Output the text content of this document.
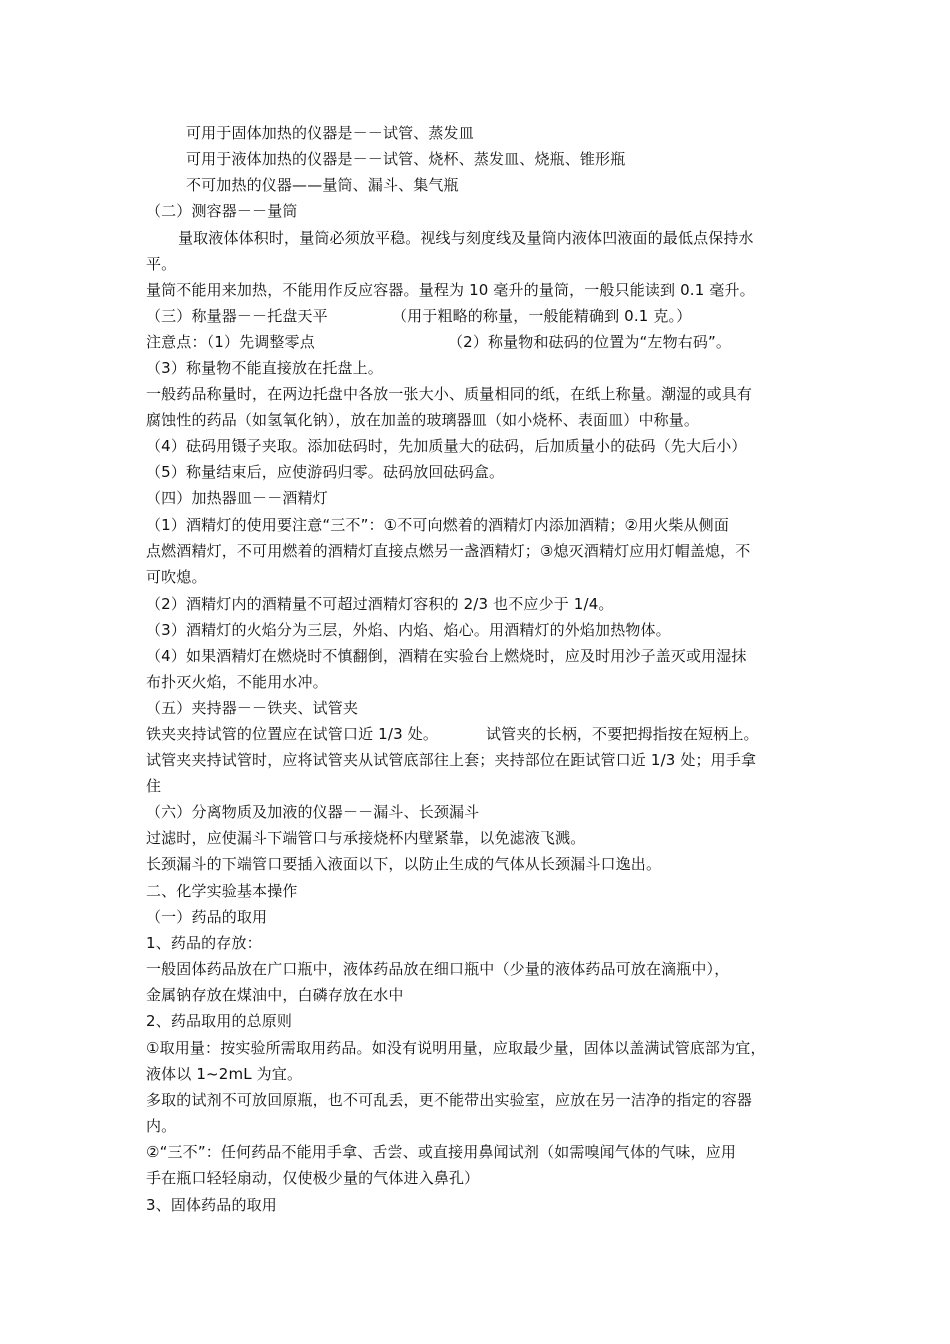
可用于固体加热的仪器是－－试管、蒸发皿
可用于液体加热的仪器是－－试管、烧杯、蒸发皿、烧瓶、锥形瓶
不可加热的仪器——量筒、漏斗、集气瓶
（二）测容器－－量筒
量取液体体积时，量筒必须放平稳。视线与刻度线及量筒内液体凹液面的最低点保持水
平。
量筒不能用来加热，不能用作反应容器。量程为 10 毫升的量筒，一般只能读到 0.1 毫升。
（三）称量器－－托盘天平	（用于粗略的称量，一般能精确到 0.1 克。）
注意点：（1）先调整零点	（2）称量物和砝码的位置为“左物右码”。
（3）称量物不能直接放在托盘上。
一般药品称量时，在两边托盘中各放一张大小、质量相同的纸，在纸上称量。潮湿的或具有
腐蚀性的药品（如氢氧化钠），放在加盖的玻璃器皿（如小烧杯、表面皿）中称量。
（4）砝码用镊子夹取。添加砝码时，先加质量大的砝码，后加质量小的砝码（先大后小）
（5）称量结束后，应使游码归零。砝码放回砝码盒。
（四）加热器皿－－酒精灯
（1）酒精灯的使用要注意“三不”：①不可向燃着的酒精灯内添加酒精；②用火柴从侧面
点燃酒精灯，不可用燃着的酒精灯直接点燃另一盏酒精灯；③熄灭酒精灯应用灯帽盖熄，不
可吹熄。
（2）酒精灯内的酒精量不可超过酒精灯容积的 2/3 也不应少于 1/4。
（3）酒精灯的火焰分为三层，外焰、内焰、焰心。用酒精灯的外焰加热物体。
（4）如果酒精灯在燃烧时不慎翻倒，酒精在实验台上燃烧时，应及时用沙子盖灭或用湿抹
布扑灭火焰，不能用水冲。
（五）夹持器－－铁夹、试管夹
铁夹夹持试管的位置应在试管口近 1/3 处。	试管夹的长柄，不要把拇指按在短柄上。
试管夹夹持试管时，应将试管夹从试管底部往上套；夹持部位在距试管口近 1/3 处；用手拿
住
（六）分离物质及加液的仪器－－漏斗、长颈漏斗
过滤时，应使漏斗下端管口与承接烧杯内壁紧靠，以免滤液飞溅。
长颈漏斗的下端管口要插入液面以下，以防止生成的气体从长颈漏斗口逸出。
二、化学实验基本操作
（一）药品的取用
1、药品的存放：
一般固体药品放在广口瓶中，液体药品放在细口瓶中（少量的液体药品可放在滴瓶中），
金属钠存放在煤油中，白磷存放在水中
2、药品取用的总原则
①取用量：按实验所需取用药品。如没有说明用量，应取最少量，固体以盖满试管底部为宜，
液体以 1~2mL 为宜。
多取的试剂不可放回原瓶，也不可乱丢，更不能带出实验室，应放在另一洁净的指定的容器
内。
②“三不”：任何药品不能用手拿、舌尝、或直接用鼻闻试剂（如需嗅闻气体的气味，应用
手在瓶口轻轻扇动，仅使极少量的气体进入鼻孔）
3、固体药品的取用
